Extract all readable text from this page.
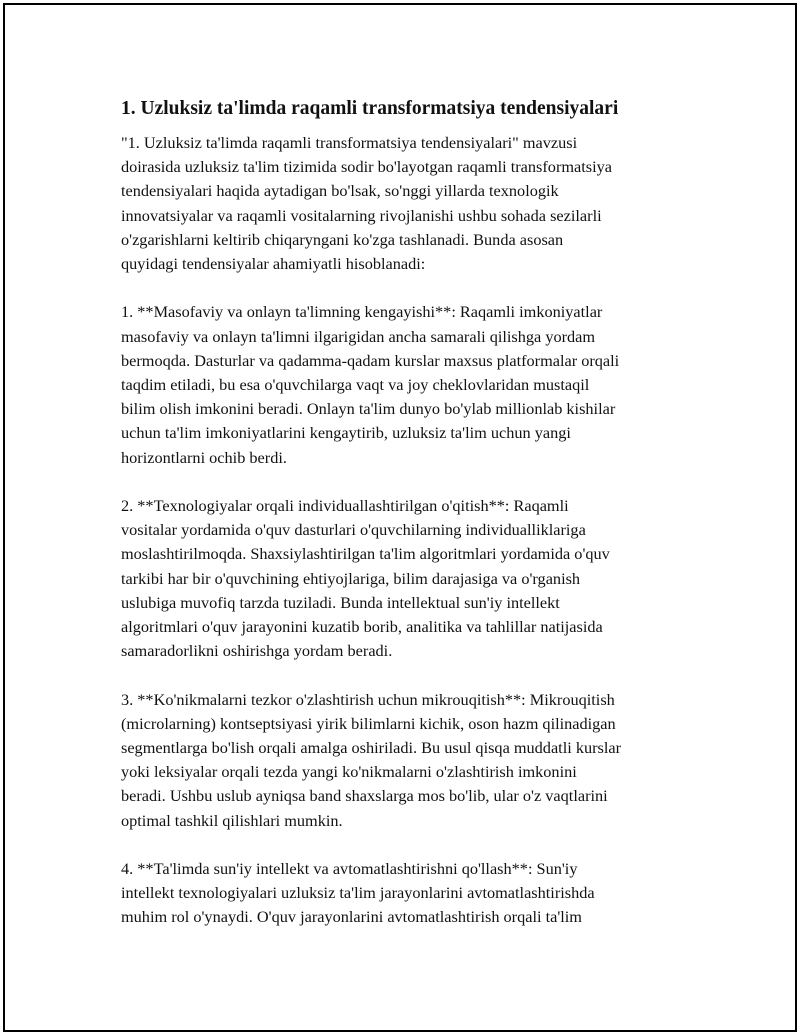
1. Uzluksiz ta'limda raqamli transformatsiya tendensiyalari

"1. Uzluksiz ta'limda raqamli transformatsiya tendensiyalari" mavzusi
doirasida uzluksiz ta'lim tizimida sodir bo'layotgan raqamli transformatsiya
tendensiyalari haqida aytadigan bo'lsak, so'nggi yillarda texnologik
innovatsiyalar va raqamli vositalarning rivojlanishi ushbu sohada sezilarli
o'zgarishlarni keltirib chiqaryngani ko'zga tashlanadi. Bunda asosan
quyidagi tendensiyalar ahamiyatli hisoblanadi:

1. **Masofaviy va onlayn ta'limning kengayishi**: Raqamli imkoniyatlar
masofaviy va onlayn ta'limni ilgarigidan ancha samarali qilishga yordam
bermoqda. Dasturlar va qadamma-qadam kurslar maxsus platformalar orqali
taqdim etiladi, bu esa o'quvchilarga vaqt va joy cheklovlaridan mustaqil
bilim olish imkonini beradi. Onlayn ta'lim dunyo bo'ylab millionlab kishilar
uchun ta'lim imkoniyatlarini kengaytirib, uzluksiz ta'lim uchun yangi
horizontlarni ochib berdi.

2. **Texnologiyalar orqali individuallashtirilgan o'qitish**: Raqamli
vositalar yordamida o'quv dasturlari o'quvchilarning individualliklariga
moslashtirilmoqda. Shaxsiylashtirilgan ta'lim algoritmlari yordamida o'quv
tarkibi har bir o'quvchining ehtiyojlariga, bilim darajasiga va o'rganish
uslubiga muvofiq tarzda tuziladi. Bunda intellektual sun'iy intellekt
algoritmlari o'quv jarayonini kuzatib borib, analitika va tahlillar natijasida
samaradorlikni oshirishga yordam beradi.

3. **Ko'nikmalarni tezkor o'zlashtirish uchun mikrouqitish**: Mikrouqitish
(microlarning) kontseptsiyasi yirik bilimlarni kichik, oson hazm qilinadigan
segmentlarga bo'lish orqali amalga oshiriladi. Bu usul qisqa muddatli kurslar
yoki leksiyalar orqali tezda yangi ko'nikmalarni o'zlashtirish imkonini
beradi. Ushbu uslub ayniqsa band shaxslarga mos bo'lib, ular o'z vaqtlarini
optimal tashkil qilishlari mumkin.

4. **Ta'limda sun'iy intellekt va avtomatlashtirishni qo'llash**: Sun'iy
intellekt texnologiyalari uzluksiz ta'lim jarayonlarini avtomatlashtirishda
muhim rol o'ynaydi. O'quv jarayonlarini avtomatlashtirish orqali ta'lim
